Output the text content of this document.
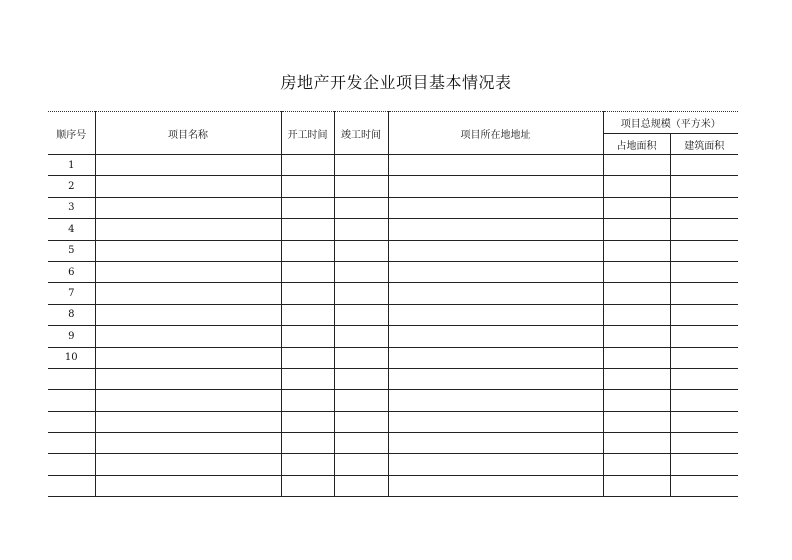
房地产开发企业项目基本情况表
顺序号	项目名称	开工时间	竣工时间	项目所在地地址	项目总规模（平方米）	
					占地面积	建筑面积
1						
2						
3						
4						
5						
6						
7						
8						
9						
10						
